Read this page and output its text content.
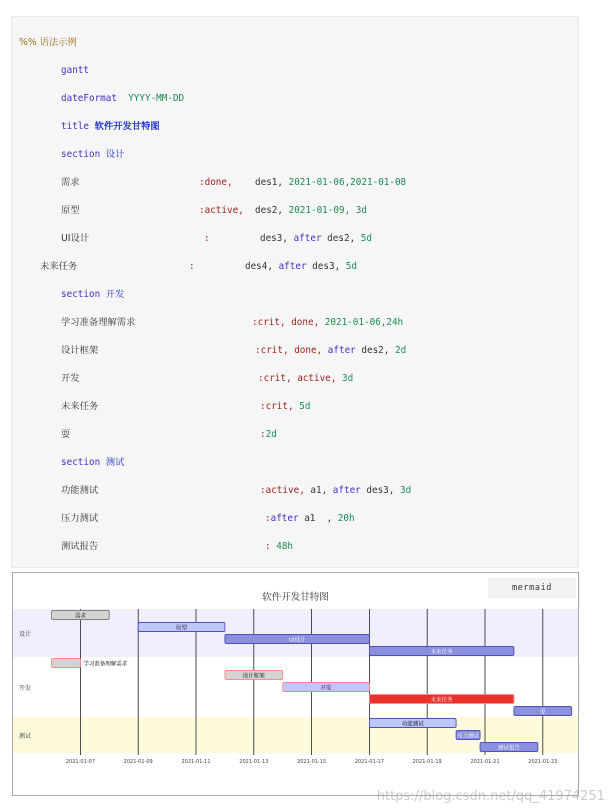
%% 语法示例
gantt
dateFormat YYYY-MM-DD
title 软件开发甘特图
section 设计
需求	:done, des1, 2021-01-06,2021-01-08
原型	:active, des2, 2021-01-09, 3d
UI设计	:	des3, after des2, 5d
未来任务	:	des4, after des3, 5d
section 开发
学习准备理解需求	:crit, done, 2021-01-06,24h
设计框架	:crit, done, after des2, 2d
开发	:crit, active, 3d
未来任务	:crit, 5d
耍	:2d
section 测试
功能测试	:active, a1, after des3, 3d
压力测试	:after a1  , 20h
测试报告	: 48h
mermaid
软件开发甘特图
设计
开发
测试
2021-01-07	2021-01-09	2021-01-11	2021-01-13	2021-01-15	2021-01-17	2021-01-19	2021-01-21	2021-01-23
需求
原型
UI设计
未来任务
学习准备理解需求
设计框架
开发
未来任务
耍
功能测试
压力测试
测试报告
https://blog.csdn.net/qq_41974251
